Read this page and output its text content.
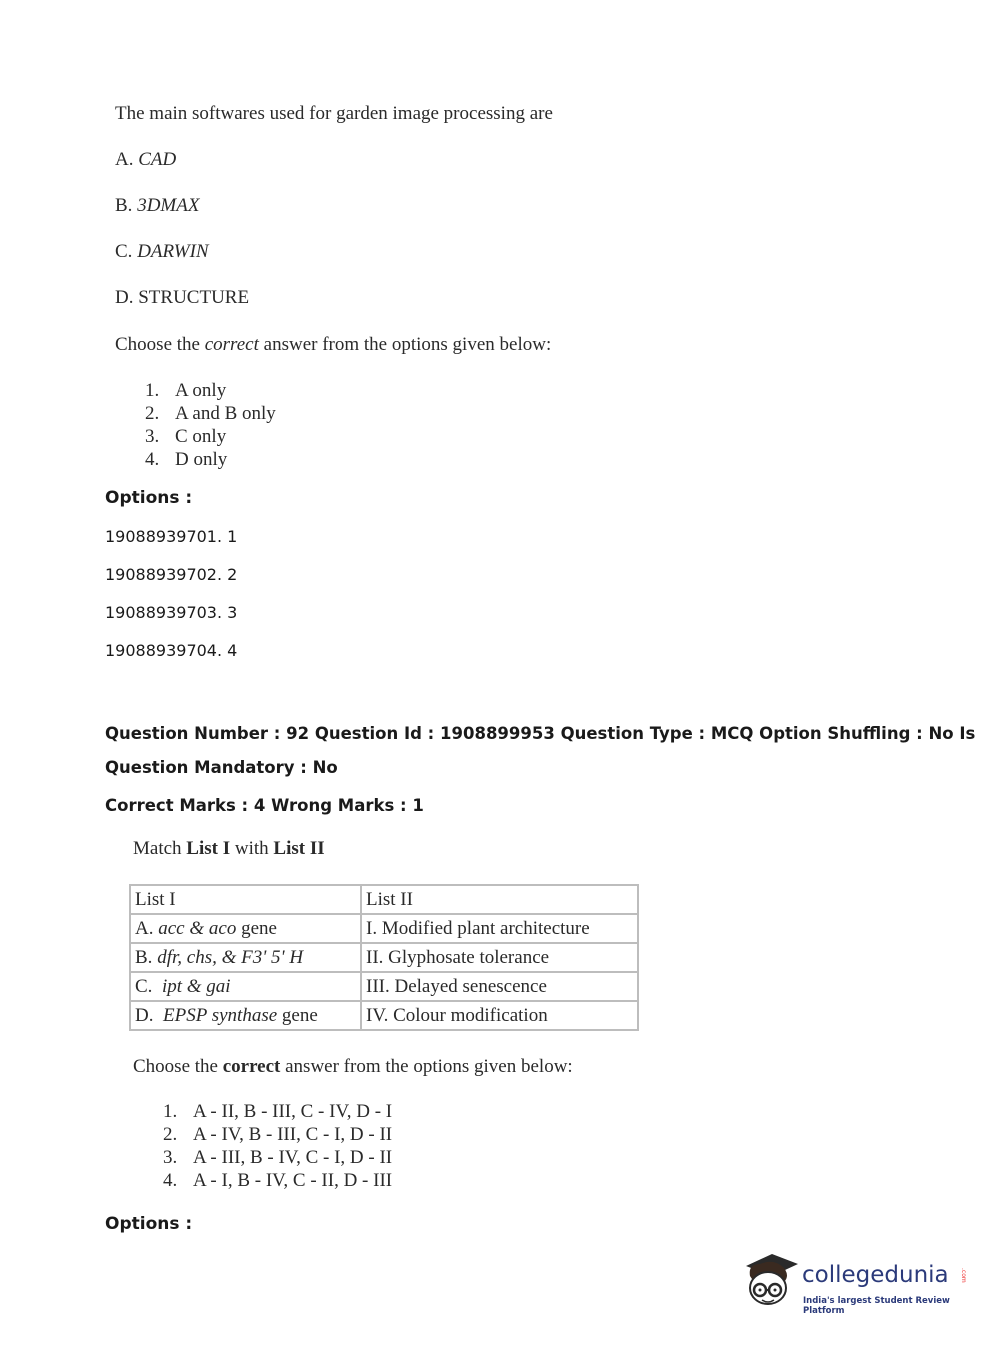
The main softwares used for garden image processing are
A. CAD
B. 3DMAX
C. DARWIN
D. STRUCTURE
Choose the correct answer from the options given below:
1. A only
2. A and B only
3. C only
4. D only
Options :
19088939701. 1
19088939702. 2
19088939703. 3
19088939704. 4
Question Number : 92 Question Id : 1908899953 Question Type : MCQ Option Shuffling : No Is
Question Mandatory : No
Correct Marks : 4 Wrong Marks : 1
Match List I with List II
List I	List II
A. acc & aco gene	I. Modified plant architecture
B. dfr, chs, & F3' 5' H	II. Glyphosate tolerance
C.  ipt & gai	III. Delayed senescence
D.  EPSP synthase gene	IV. Colour modification
Choose the correct answer from the options given below:
1. A - II, B - III, C - IV, D - I
2. A - IV, B - III, C - I, D - II
3. A - III, B - IV, C - I, D - II
4. A - I, B - IV, C - II, D - III
Options :
collegedunia .com
India's largest Student Review Platform
